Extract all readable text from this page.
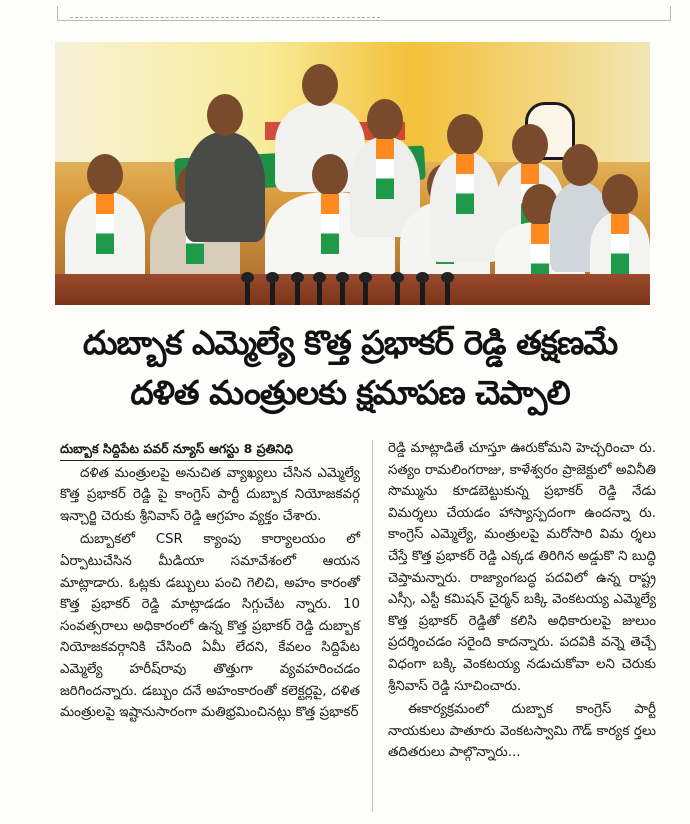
దుబ్బాక ఎమ్మెల్యే కొత్త ప్రభాకర్ రెడ్డి తక్షణమే
దళిత మంత్రులకు క్షమాపణ చెప్పాలి
దుబ్బాక సిద్దిపేట పవర్ న్యూస్ ఆగస్టు 8 ప్రతినిధి

దళిత మంత్రులపై అనుచిత వ్యాఖ్యలు చేసిన ఎమ్మెల్యే కొత్త ప్రభాకర్ రెడ్డి పై కాంగ్రెస్ పార్టీ దుబ్బాక నియోజకవర్గ ఇన్చార్జి చెరుకు శ్రీనివాస్ రెడ్డి ఆగ్రహం వ్యక్తం చేశారు.

దుబ్బాకలో CSR క్యాంపు కార్యాలయం లో ఏర్పాటుచేసిన మీడియా సమావేశంలో ఆయన మాట్లాడారు. ఓట్లకు డబ్బులు పంచి గెలిచి, అహం కారంతో కొత్త ప్రభాకర్ రెడ్డి మాట్లాడడం సిగ్గుచేట న్నారు. 10 సంవత్సరాలు అధికారంలో ఉన్న కొత్త ప్రభాకర్ రెడ్డి దుబ్బాక నియోజకవర్గానికి చేసింది ఏమీ లేదని, కేవలం సిద్దిపేట ఎమ్మెల్యే హరీష్‌రావు తొత్తుగా వ్యవహరించడం జరిగిందన్నారు. డబ్బుం దనే అహంకారంతో కలెక్టర్లపై, దళిత మంత్రులపై ఇష్టానుసారంగా మతిభ్రమించినట్లు కొత్త ప్రభాకర్

రెడ్డి మాట్లాడితే చూస్తూ ఊరుకోమని హెచ్చరించా రు. సత్యం రామలింగరాజు, కాళేశ్వరం ప్రాజెక్టులో అవినీతి సొమ్మును కూడబెట్టుకున్న ప్రభాకర్ రెడ్డి నేడు విమర్శలు చేయడం హాస్యాస్పదంగా ఉందన్నా రు. కాంగ్రెస్ ఎమ్మెల్యే, మంత్రులపై మరోసారి విమ ర్శలు చేస్తే కొత్త ప్రభాకర్ రెడ్డి ఎక్కడ తిరిగిన అడ్డుకొ ని బుద్ధి చెప్తామన్నారు. రాజ్యాంగబద్ధ పదవిలో ఉన్న రాష్ట్ర ఎస్సీ, ఎస్టీ కమిషన్ చైర్మన్ బక్కి వెంకటయ్య ఎమ్మెల్యే కొత్త ప్రభాకర్ రెడ్డితో కలిసి అధికారులపై జులుం ప్రదర్శించడం సరైంది కాదన్నారు. పదవికి వన్నె తెచ్చే విధంగా బక్కి వెంకటయ్య నడుచుకోవా లని చెరుకు శ్రీనివాస్ రెడ్డి సూచించారు.

ఈకార్యక్రమంలో దుబ్బాక కాంగ్రెస్ పార్టీ నాయకులు పాతూరు వెంకటస్వామి గౌడ్ కార్యక ర్తలు తదితరులు పాల్గొన్నారు...
